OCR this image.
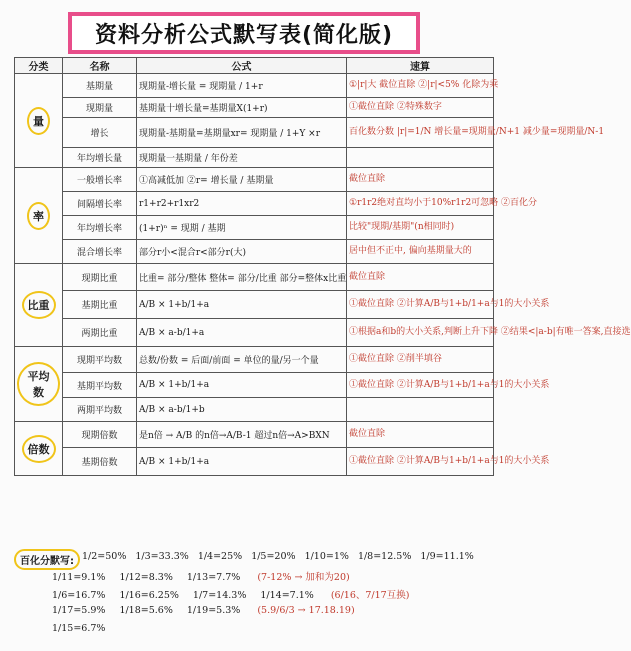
资料分析公式默写表(简化版)
分类	名称	公式	速算
量	基期量	现期量-增长量 = 现期量 / 1+r	①|r|大 截位直除 ②|r|<5% 化除为乘
	现期量	基期量十增长量=基期量X(1+r)	①截位直除 ②特殊数字
	增长	现期量-基期量=基期量xr= 现期量 / 1+Y ×r	百化数分数 |r|=1/N 增长量=现期量/N+1 减少量=现期量/N-1
	年均增长量	现期量一基期量 / 年份差	
率	一般增长率	①高减低加 ②r= 增长量 / 基期量	截位直除
	间隔增长率	r1+r2+r1xr2	①r1r2绝对直均小于10%r1r2可忽略 ②百化分
	年均增长率	(1+r)ⁿ = 现期 / 基期	比较"现期/基期"(n相同时)
	混合增长率	部分r小<混合r<部分r(大)	居中但不正中, 偏向基期量大的
比重	现期比重	比重= 部分/整体 整体= 部分/比重 部分=整体x比重	截位直除
	基期比重	A/B × 1+b/1+a	①截位直除 ②计算A/B与1+b/1+a与1的大小关系
	两期比重	A/B × a-b/1+a	①根据a和b的大小关系,判断上升下降 ②结果<|a-b|有唯一答案,直接选
平均数	现期平均数	总数/份数 = 后面/前面 = 单位的量/另一个量	①截位直除 ②削半填谷
	基期平均数	A/B × 1+b/1+a	①截位直除 ②计算A/B与1+b/1+a与1的大小关系
	两期平均数	A/B × a-b/1+b	
倍数	现期倍数	是n倍 → A/B 的n倍→A/B-1 超过n倍→A>BXN	截位直除
	基期倍数	A/B × 1+b/1+a	①截位直除 ②计算A/B与1+b/1+a与1的大小关系
百化分默写: 1/2=50% 1/3=33.3% 1/4=25% 1/5=20% 1/10=1% 1/8=12.5% 1/9=11.1%
1/11=9.1% 1/12=8.3% 1/13=7.7% (7-12% → 加和为20)
1/6=16.7% 1/16=6.25% 1/7=14.3% 1/14=7.1% (6/16、7/17互换)
1/17=5.9% 1/18=5.6% 1/19=5.3% (5.9/6/3 → 17.18.19)
1/15=6.7%
